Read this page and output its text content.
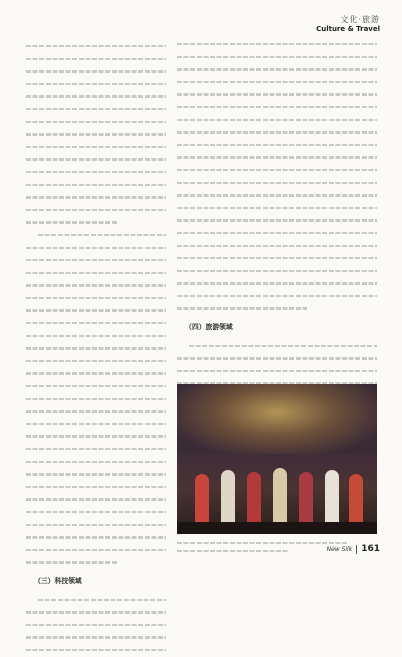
文化·旅游
Culture & Travel
（三）科技领域
（四）旅游领域
New Silk 161
